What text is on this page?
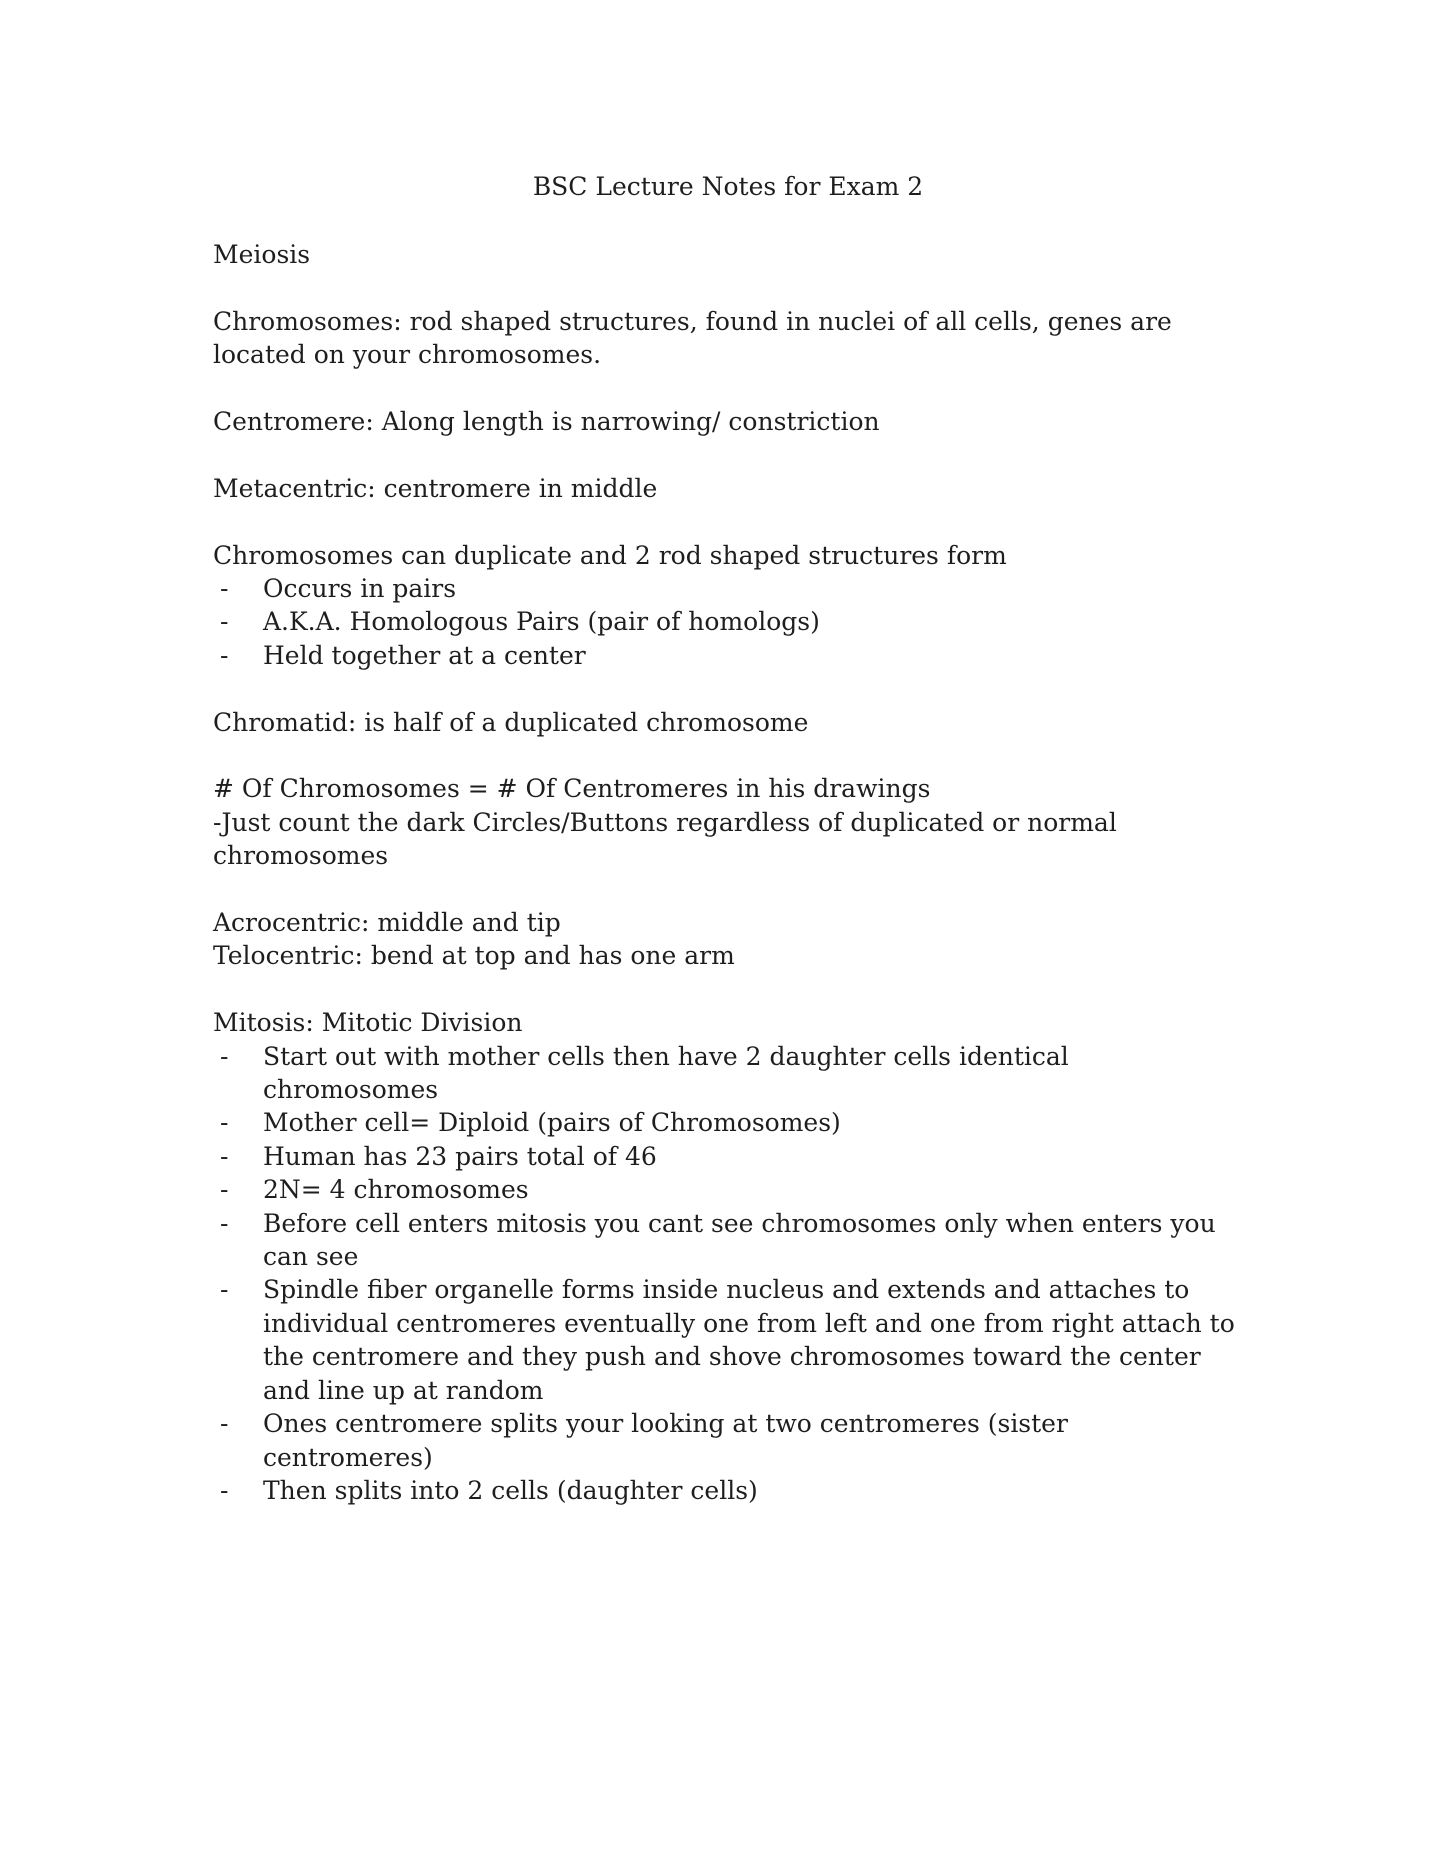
BSC Lecture Notes for Exam 2

Meiosis

Chromosomes: rod shaped structures, found in nuclei of all cells, genes are located on your chromosomes.

Centromere: Along length is narrowing/ constriction

Metacentric: centromere in middle

Chromosomes can duplicate and 2 rod shaped structures form

- Occurs in pairs
- A.K.A. Homologous Pairs (pair of homologs)
- Held together at a center

Chromatid: is half of a duplicated chromosome

# Of Chromosomes = # Of Centromeres in his drawings

-Just count the dark Circles/Buttons regardless of duplicated or normal chromosomes

Acrocentric: middle and tip

Telocentric: bend at top and has one arm

Mitosis: Mitotic Division

- Start out with mother cells then have 2 daughter cells identical chromosomes
- Mother cell= Diploid (pairs of Chromosomes)
- Human has 23 pairs total of 46
- 2N= 4 chromosomes
- Before cell enters mitosis you cant see chromosomes only when enters you can see
- Spindle fiber organelle forms inside nucleus and extends and attaches to individual centromeres eventually one from left and one from right attach to the centromere and they push and shove chromosomes toward the center and line up at random
- Ones centromere splits your looking at two centromeres (sister centromeres)
- Then splits into 2 cells (daughter cells)
